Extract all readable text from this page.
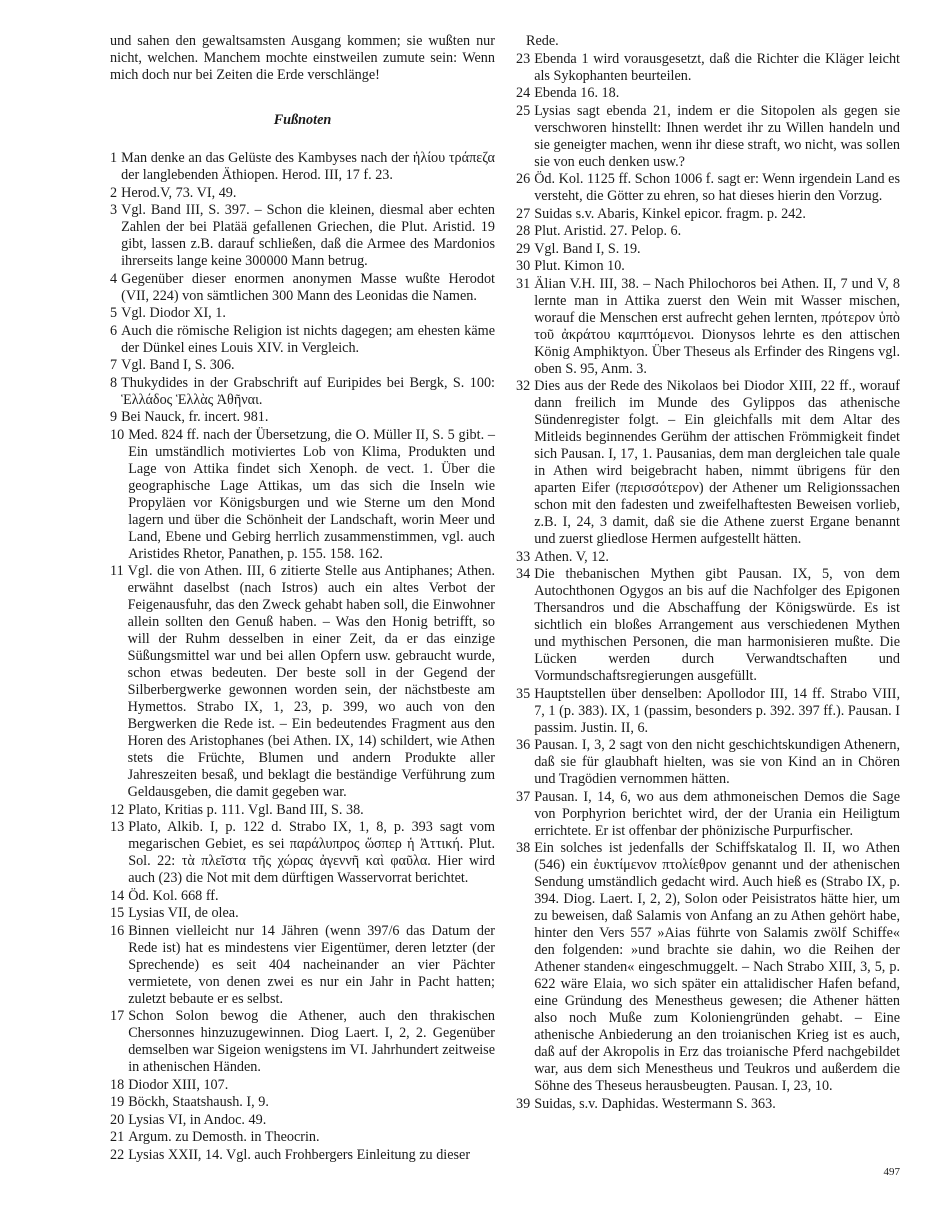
und sahen den gewaltsamsten Ausgang kommen; sie wußten nur nicht, welchen. Manchem mochte einstweilen zumute sein: Wenn mich doch nur bei Zeiten die Erde verschlänge!

Fußnoten
1 Man denke an das Gelüste des Kambyses nach der ἡλίου τράπεζα der langlebenden Äthiopen. Herod. III, 17 f. 23.
2 Herod.V, 73. VI, 49.
3 Vgl. Band III, S. 397. – Schon die kleinen, diesmal aber echten Zahlen der bei Platää gefallenen Griechen, die Plut. Aristid. 19 gibt, lassen z.B. darauf schließen, daß die Armee des Mardonios ihrerseits lange keine 300000 Mann betrug.
4 Gegenüber dieser enormen anonymen Masse wußte Herodot (VII, 224) von sämtlichen 300 Mann des Leonidas die Namen.
5 Vgl. Diodor XI, 1.
6 Auch die römische Religion ist nichts dagegen; am ehesten käme der Dünkel eines Louis XIV. in Vergleich.
7 Vgl. Band I, S. 306.
8 Thukydides in der Grabschrift auf Euripides bei Bergk, S. 100: Ἑλλάδος Ἑλλὰς Ἀθῆναι.
9 Bei Nauck, fr. incert. 981.
10 Med. 824 ff. nach der Übersetzung, die O. Müller II, S. 5 gibt. – Ein umständlich motiviertes Lob von Klima, Produkten und Lage von Attika findet sich Xenoph. de vect. 1. Über die geographische Lage Attikas, um das sich die Inseln wie Propyläen vor Königsburgen und wie Sterne um den Mond lagern und über die Schönheit der Landschaft, worin Meer und Land, Ebene und Gebirg herrlich zusammenstimmen, vgl. auch Aristides Rhetor, Panathen, p. 155. 158. 162.
11 Vgl. die von Athen. III, 6 zitierte Stelle aus Antiphanes; Athen. erwähnt daselbst (nach Istros) auch ein altes Verbot der Feigenausfuhr, das den Zweck gehabt haben soll, die Einwohner allein sollten den Genuß haben. – Was den Honig betrifft, so will der Ruhm desselben in einer Zeit, da er das einzige Süßungsmittel war und bei allen Opfern usw. gebraucht wurde, schon etwas bedeuten. Der beste soll in der Gegend der Silberbergwerke gewonnen worden sein, der nächstbeste am Hymettos. Strabo IX, 1, 23, p. 399, wo auch von den Bergwerken die Rede ist. – Ein bedeutendes Fragment aus den Horen des Aristophanes (bei Athen. IX, 14) schildert, wie Athen stets die Früchte, Blumen und andern Produkte aller Jahreszeiten besaß, und beklagt die beständige Verführung zum Geldausgeben, die damit gegeben war.
12 Plato, Kritias p. 111. Vgl. Band III, S. 38.
13 Plato, Alkib. I, p. 122 d. Strabo IX, 1, 8, p. 393 sagt vom megarischen Gebiet, es sei παράλυπρος ὥσπερ ἡ Ἀττική. Plut. Sol. 22: τὰ πλεῖστα τῆς χώρας ἀγεννῆ καὶ φαῦλα. Hier wird auch (23) die Not mit dem dürftigen Wasservorrat berichtet.
14 Öd. Kol. 668 ff.
15 Lysias VII, de olea.
16 Binnen vielleicht nur 14 Jähren (wenn 397/6 das Datum der Rede ist) hat es mindestens vier Eigentümer, deren letzter (der Sprechende) es seit 404 nacheinander an vier Pächter vermietete, von denen zwei es nur ein Jahr in Pacht hatten; zuletzt bebaute er es selbst.
17 Schon Solon bewog die Athener, auch den thrakischen Chersonnes hinzuzugewinnen. Diog Laert. I, 2, 2. Gegenüber demselben war Sigeion wenigstens im VI. Jahrhundert zeitweise in athenischen Händen.
18 Diodor XIII, 107.
19 Böckh, Staatshaush. I, 9.
20 Lysias VI, in Andoc. 49.
21 Argum. zu Demosth. in Theocrin.
22 Lysias XXII, 14. Vgl. auch Frohbergers Einleitung zu dieser
Rede.
23 Ebenda 1 wird vorausgesetzt, daß die Richter die Kläger leicht als Sykophanten beurteilen.
24 Ebenda 16. 18.
25 Lysias sagt ebenda 21, indem er die Sitopolen als gegen sie verschworen hinstellt: Ihnen werdet ihr zu Willen handeln und sie geneigter machen, wenn ihr diese straft, wo nicht, was sollen sie von euch denken usw.?
26 Öd. Kol. 1125 ff. Schon 1006 f. sagt er: Wenn irgendein Land es versteht, die Götter zu ehren, so hat dieses hierin den Vorzug.
27 Suidas s.v. Abaris, Kinkel epicor. fragm. p. 242.
28 Plut. Aristid. 27. Pelop. 6.
29 Vgl. Band I, S. 19.
30 Plut. Kimon 10.
31 Älian V.H. III, 38. – Nach Philochoros bei Athen. II, 7 und V, 8 lernte man in Attika zuerst den Wein mit Wasser mischen, worauf die Menschen erst aufrecht gehen lernten, πρότερον ὑπὸ τοῦ ἀκράτου καμπτόμενοι. Dionysos lehrte es den attischen König Amphiktyon. Über Theseus als Erfinder des Ringens vgl. oben S. 95, Anm. 3.
32 Dies aus der Rede des Nikolaos bei Diodor XIII, 22 ff., worauf dann freilich im Munde des Gylippos das athenische Sündenregister folgt. – Ein gleichfalls mit dem Altar des Mitleids beginnendes Gerühm der attischen Frömmigkeit findet sich Pausan. I, 17, 1. Pausanias, dem man dergleichen tale quale in Athen wird beigebracht haben, nimmt übrigens für den aparten Eifer (περισσότερον) der Athener um Religionssachen schon mit den fadesten und zweifelhaftesten Beweisen vorlieb, z.B. I, 24, 3 damit, daß sie die Athene zuerst Ergane benannt und zuerst gliedlose Hermen aufgestellt hätten.
33 Athen. V, 12.
34 Die thebanischen Mythen gibt Pausan. IX, 5, von dem Autochthonen Ogygos an bis auf die Nachfolger des Epigonen Thersandros und die Abschaffung der Königswürde. Es ist sichtlich ein bloßes Arrangement aus verschiedenen Mythen und mythischen Personen, die man harmonisieren mußte. Die Lücken werden durch Verwandtschaften und Vormundschaftsregierungen ausgefüllt.
35 Hauptstellen über denselben: Apollodor III, 14 ff. Strabo VIII, 7, 1 (p. 383). IX, 1 (passim, besonders p. 392. 397 ff.). Pausan. I passim. Justin. II, 6.
36 Pausan. I, 3, 2 sagt von den nicht geschichtskundigen Athenern, daß sie für glaubhaft hielten, was sie von Kind an in Chören und Tragödien vernommen hätten.
37 Pausan. I, 14, 6, wo aus dem athmoneischen Demos die Sage von Porphyrion berichtet wird, der der Urania ein Heiligtum errichtete. Er ist offenbar der phönizische Purpurfischer.
38 Ein solches ist jedenfalls der Schiffskatalog Il. II, wo Athen (546) ein ἐυκτίμενον πτολίεθρον genannt und der athenischen Sendung umständlich gedacht wird. Auch hieß es (Strabo IX, p. 394. Diog. Laert. I, 2, 2), Solon oder Peisistratos hätte hier, um zu beweisen, daß Salamis von Anfang an zu Athen gehört habe, hinter den Vers 557 »Aias führte von Salamis zwölf Schiffe« den folgenden: »und brachte sie dahin, wo die Reihen der Athener standen« eingeschmuggelt. – Nach Strabo XIII, 3, 5, p. 622 wäre Elaia, wo sich später ein attalidischer Hafen befand, eine Gründung des Menestheus gewesen; die Athener hätten also noch Muße zum Koloniengründen gehabt. – Eine athenische Anbiederung an den troianischen Krieg ist es auch, daß auf der Akropolis in Erz das troianische Pferd nachgebildet war, aus dem sich Menestheus und Teukros und außerdem die Söhne des Theseus herausbeugten. Pausan. I, 23, 10.
39 Suidas, s.v. Daphidas. Westermann S. 363.
497
